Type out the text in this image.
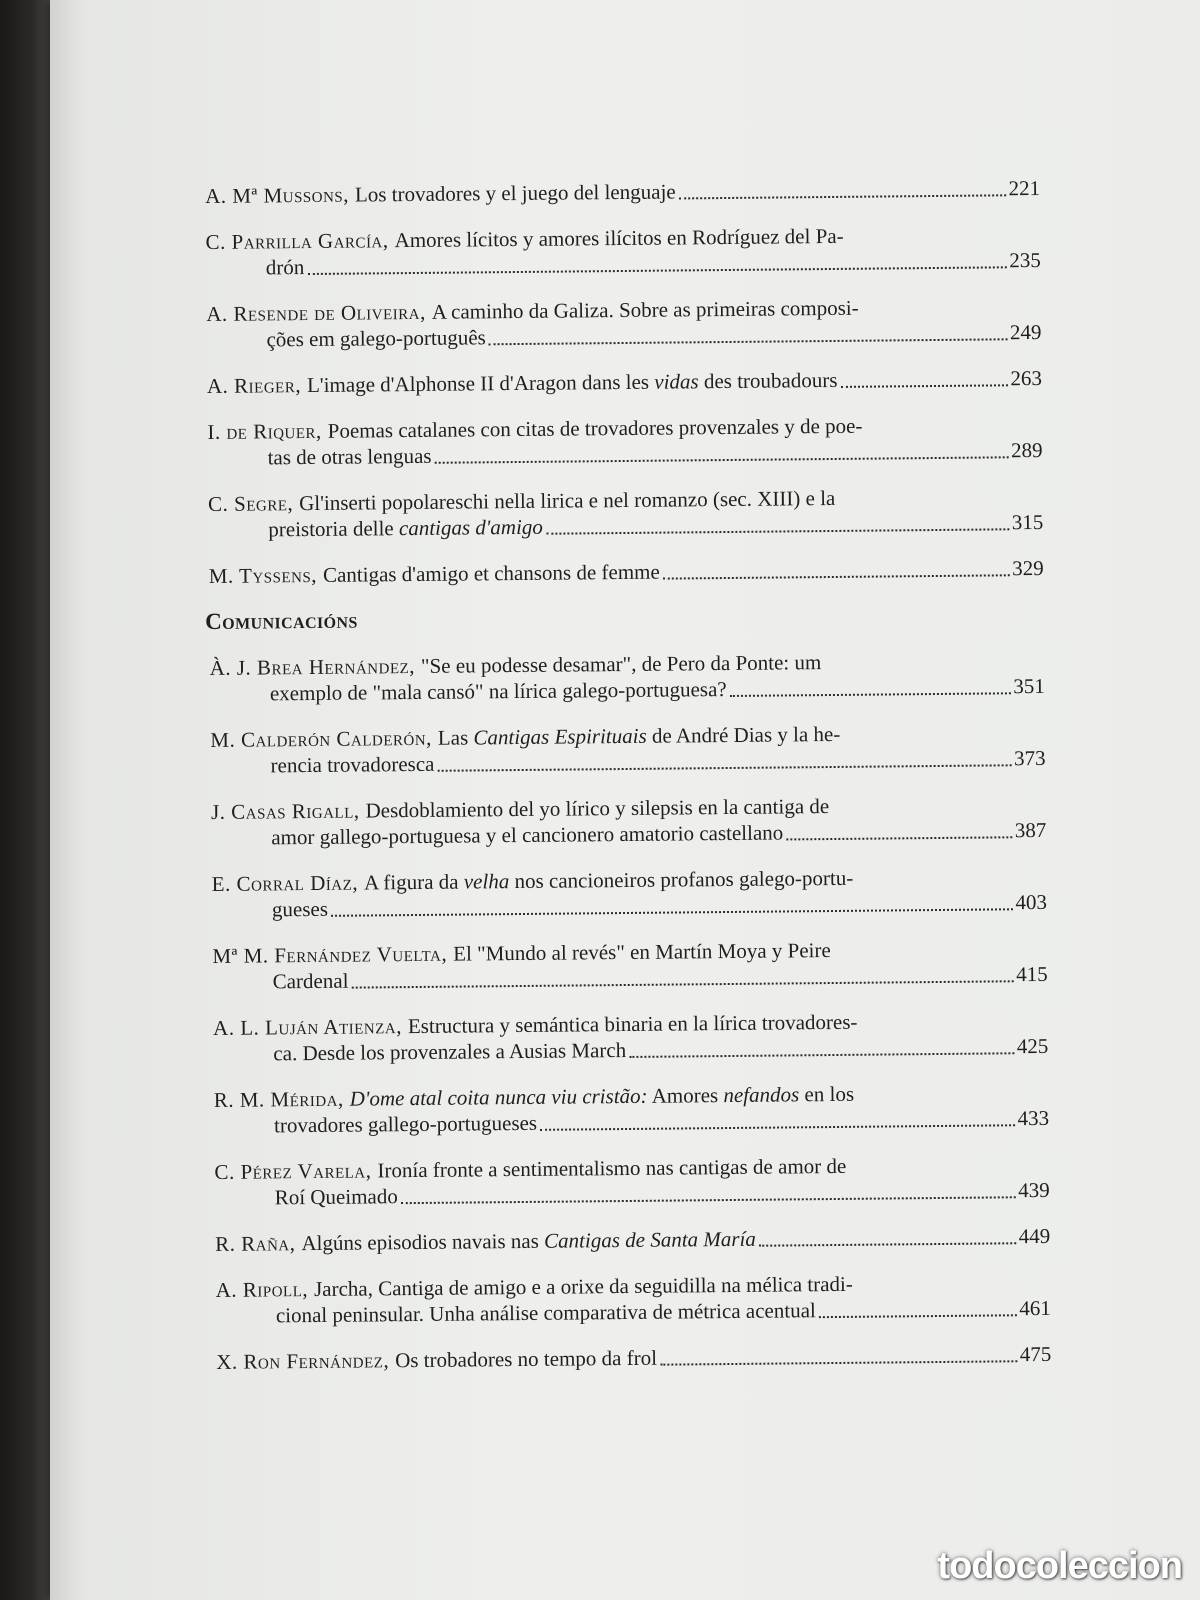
A. Mª Mussons, Los trovadores y el juego del lenguaje	221
C. Parrilla García, Amores lícitos y amores ilícitos en Rodríguez del Pa-
drón	235
A. Resende de Oliveira, A caminho da Galiza. Sobre as primeiras composi-
ções em galego-português	249
A. Rieger, L'image d'Alphonse II d'Aragon dans les vidas des troubadours	263
I. de Riquer, Poemas catalanes con citas de trovadores provenzales y de poe-
tas de otras lenguas	289
C. Segre, Gl'inserti popolareschi nella lirica e nel romanzo (sec. XIII) e la
preistoria delle cantigas d'amigo	315
M. Tyssens, Cantigas d'amigo et chansons de femme	329
Comunicacións
À. J. Brea Hernández, "Se eu podesse desamar", de Pero da Ponte: um
exemplo de "mala cansó" na lírica galego-portuguesa?	351
M. Calderón Calderón, Las Cantigas Espirituais de André Dias y la he-
rencia trovadoresca	373
J. Casas Rigall, Desdoblamiento del yo lírico y silepsis en la cantiga de
amor gallego-portuguesa y el cancionero amatorio castellano	387
E. Corral Díaz, A figura da velha nos cancioneiros profanos galego-portu-
gueses	403
Mª M. Fernández Vuelta, El "Mundo al revés" en Martín Moya y Peire
Cardenal	415
A. L. Luján Atienza, Estructura y semántica binaria en la lírica trovadores-
ca. Desde los provenzales a Ausias March	425
R. M. Mérida, D'ome atal coita nunca viu cristão: Amores nefandos en los
trovadores gallego-portugueses	433
C. Pérez Varela, Ironía fronte a sentimentalismo nas cantigas de amor de
Roí Queimado	439
R. Raña, Algúns episodios navais nas Cantigas de Santa María	449
A. Ripoll, Jarcha, Cantiga de amigo e a orixe da seguidilla na mélica tradi-
cional peninsular. Unha análise comparativa de métrica acentual	461
X. Ron Fernández, Os trobadores no tempo da frol	475
todocoleccion
